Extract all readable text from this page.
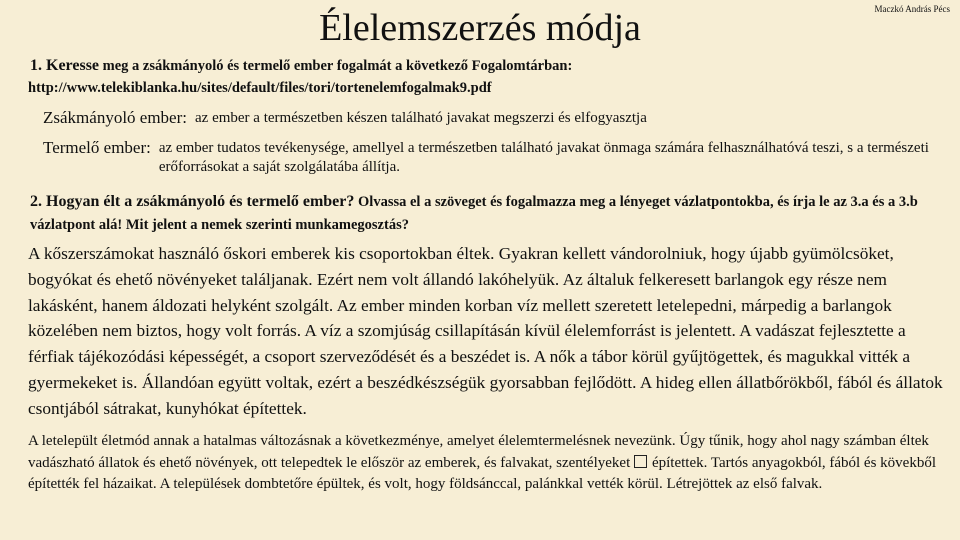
Élelemszerzés módja	Maczkó András Pécs
1. Keresse meg a zsákmányoló és termelő ember fogalmát a következő Fogalomtárban:
http://www.telekiblanka.hu/sites/default/files/tori/tortenelemfogalmak9.pdf
Zsákmányoló ember: az ember a természetben készen található javakat megszerzi és elfogyasztja
Termelő ember: az ember tudatos tevékenysége, amellyel a természetben található javakat önmaga számára felhasználhatóvá teszi, s a természeti erőforrásokat a saját szolgálatába állítja.
2. Hogyan élt a zsákmányoló és termelő ember? Olvassa el a szöveget és fogalmazza meg a lényeget vázlatpontokba, és írja le az 3.a és a 3.b vázlatpont alá! Mit jelent a nemek szerinti munkamegosztás?
A kőszerszámokat használó őskori emberek kis csoportokban éltek. Gyakran kellett vándorolniuk, hogy újabb gyümölcsöket, bogyókat és ehető növényeket találjanak. Ezért nem volt állandó lakóhelyük. Az általuk felkeresett barlangok egy része nem lakásként, hanem áldozati helyként szolgált. Az ember minden korban víz mellett szeretett letelepedni, márpedig a barlangok közelében nem biztos, hogy volt forrás. A víz a szomjúság csillapításán kívül élelemforrást is jelentett. A vadászat fejlesztette a férfiak tájékozódási képességét, a csoport szerveződését és a beszédet is. A nők a tábor körül gyűjtögettek, és magukkal vitték a gyermekeket is. Állandóan együtt voltak, ezért a beszédkészségük gyorsabban fejlődött. A hideg ellen állatbőrökből, fából és állatok csontjából sátrakat, kunyhókat építettek.
A letelepült életmód annak a hatalmas változásnak a következménye, amelyet élelemtermelésnek nevezünk. Úgy tűnik, hogy ahol nagy számban éltek vadászható állatok és ehető növények, ott telepedtek le először az emberek, és falvakat, szentélyeket építettek. Tartós anyagokból, fából és kövekből építették fel házaikat. A települések dombtetőre épültek, és volt, hogy földsánccal, palánkkal vették körül. Létrejöttek az első falvak.
